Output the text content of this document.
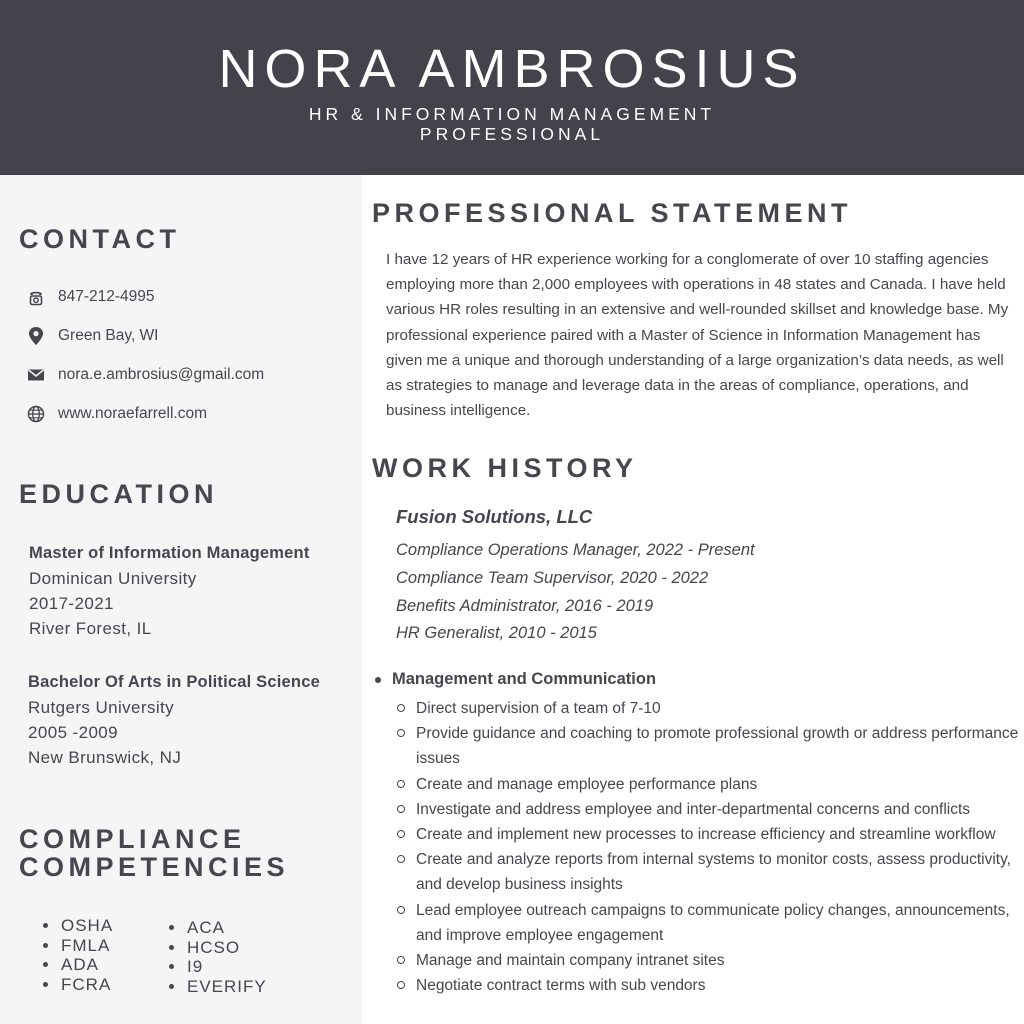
NORA AMBROSIUS
HR & INFORMATION MANAGEMENT PROFESSIONAL
CONTACT
847-212-4995
Green Bay, WI
nora.e.ambrosius@gmail.com
www.noraefarrell.com
EDUCATION
Master of Information Management
Dominican University
2017-2021
River Forest, IL
Bachelor Of Arts in Political Science
Rutgers University
2005 -2009
New Brunswick, NJ
COMPLIANCE COMPETENCIES
OSHA
FMLA
ADA
FCRA
ACA
HCSO
I9
EVERIFY
PROFESSIONAL STATEMENT

I have 12 years of HR experience working for a conglomerate of over 10 staffing agencies employing more than 2,000 employees with operations in 48 states and Canada. I have held various HR roles resulting in an extensive and well-rounded skillset and knowledge base. My professional experience paired with a Master of Science in Information Management has given me a unique and thorough understanding of a large organization’s data needs, as well as strategies to manage and leverage data in the areas of compliance, operations, and business intelligence.

WORK HISTORY
Fusion Solutions, LLC
Compliance Operations Manager, 2022 - Present
Compliance Team Supervisor, 2020 - 2022
Benefits Administrator, 2016 - 2019
HR Generalist, 2010 - 2015
Management and Communication
Direct supervision of a team of 7-10
Provide guidance and coaching to promote professional growth or address performance issues
Create and manage employee performance plans
Investigate and address employee and inter-departmental concerns and conflicts
Create and implement new processes to increase efficiency and streamline workflow
Create and analyze reports from internal systems to monitor costs, assess productivity, and develop business insights
Lead employee outreach campaigns to communicate policy changes, announcements, and improve employee engagement
Manage and maintain company intranet sites
Negotiate contract terms with sub vendors
